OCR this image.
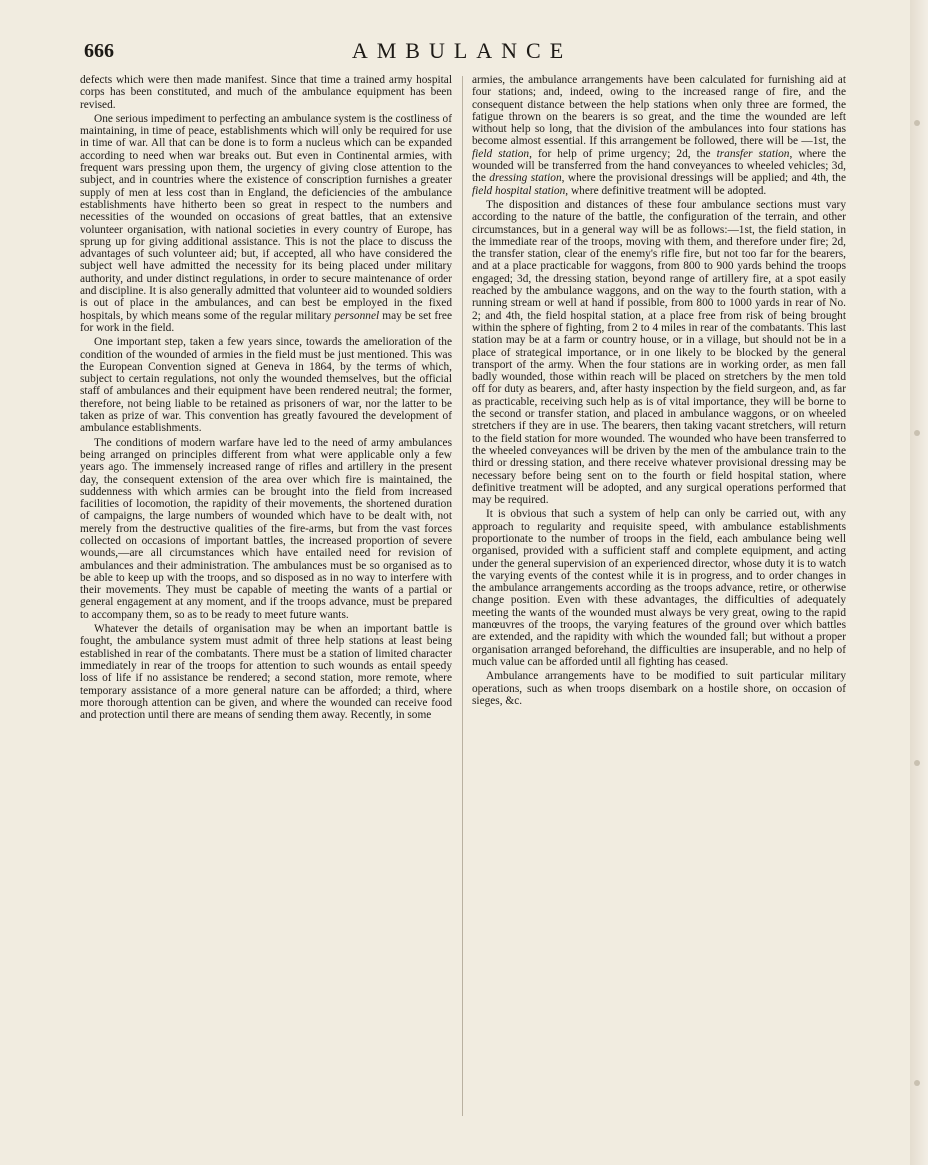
666	AMBULANCE

defects which were then made manifest. Since that time a trained army hospital corps has been constituted, and much of the ambulance equipment has been revised.

One serious impediment to perfecting an ambulance system is the costliness of maintaining, in time of peace, establishments which will only be required for use in time of war. All that can be done is to form a nucleus which can be expanded according to need when war breaks out. But even in Continental armies, with frequent wars pressing upon them, the urgency of giving close attention to the subject, and in countries where the existence of conscription furnishes a greater supply of men at less cost than in England, the deficiencies of the ambulance establishments have hitherto been so great in respect to the numbers and necessities of the wounded on occasions of great battles, that an extensive volunteer organisation, with national societies in every country of Europe, has sprung up for giving additional assistance. This is not the place to discuss the advantages of such volunteer aid; but, if accepted, all who have considered the subject well have admitted the necessity for its being placed under military authority, and under distinct regulations, in order to secure maintenance of order and discipline. It is also generally admitted that volunteer aid to wounded soldiers is out of place in the ambulances, and can best be employed in the fixed hospitals, by which means some of the regular military personnel may be set free for work in the field.

One important step, taken a few years since, towards the amelioration of the condition of the wounded of armies in the field must be just mentioned. This was the European Convention signed at Geneva in 1864, by the terms of which, subject to certain regulations, not only the wounded themselves, but the official staff of ambulances and their equipment have been rendered neutral; the former, therefore, not being liable to be retained as prisoners of war, nor the latter to be taken as prize of war. This convention has greatly favoured the development of ambulance establishments.

The conditions of modern warfare have led to the need of army ambulances being arranged on principles different from what were applicable only a few years ago. The immensely increased range of rifles and artillery in the present day, the consequent extension of the area over which fire is maintained, the suddenness with which armies can be brought into the field from increased facilities of locomotion, the rapidity of their movements, the shortened duration of campaigns, the large numbers of wounded which have to be dealt with, not merely from the destructive qualities of the fire-arms, but from the vast forces collected on occasions of important battles, the increased proportion of severe wounds,—are all circumstances which have entailed need for revision of ambulances and their administration. The ambulances must be so organised as to be able to keep up with the troops, and so disposed as in no way to interfere with their movements. They must be capable of meeting the wants of a partial or general engagement at any moment, and if the troops advance, must be prepared to accompany them, so as to be ready to meet future wants.

Whatever the details of organisation may be when an important battle is fought, the ambulance system must admit of three help stations at least being established in rear of the combatants. There must be a station of limited character immediately in rear of the troops for attention to such wounds as entail speedy loss of life if no assistance be rendered; a second station, more remote, where temporary assistance of a more general nature can be afforded; a third, where more thorough attention can be given, and where the wounded can receive food and protection until there are means of sending them away. Recently, in some

armies, the ambulance arrangements have been calculated for furnishing aid at four stations; and, indeed, owing to the increased range of fire, and the consequent distance between the help stations when only three are formed, the fatigue thrown on the bearers is so great, and the time the wounded are left without help so long, that the division of the ambulances into four stations has become almost essential. If this arrangement be followed, there will be —1st, the field station, for help of prime urgency; 2d, the transfer station, where the wounded will be transferred from the hand conveyances to wheeled vehicles; 3d, the dressing station, where the provisional dressings will be applied; and 4th, the field hospital station, where definitive treatment will be adopted.

The disposition and distances of these four ambulance sections must vary according to the nature of the battle, the configuration of the terrain, and other circumstances, but in a general way will be as follows:—1st, the field station, in the immediate rear of the troops, moving with them, and therefore under fire; 2d, the transfer station, clear of the enemy's rifle fire, but not too far for the bearers, and at a place practicable for waggons, from 800 to 900 yards behind the troops engaged; 3d, the dressing station, beyond range of artillery fire, at a spot easily reached by the ambulance waggons, and on the way to the fourth station, with a running stream or well at hand if possible, from 800 to 1000 yards in rear of No. 2; and 4th, the field hospital station, at a place free from risk of being brought within the sphere of fighting, from 2 to 4 miles in rear of the combatants. This last station may be at a farm or country house, or in a village, but should not be in a place of strategical importance, or in one likely to be blocked by the general transport of the army. When the four stations are in working order, as men fall badly wounded, those within reach will be placed on stretchers by the men told off for duty as bearers, and, after hasty inspection by the field surgeon, and, as far as practicable, receiving such help as is of vital importance, they will be borne to the second or transfer station, and placed in ambulance waggons, or on wheeled stretchers if they are in use. The bearers, then taking vacant stretchers, will return to the field station for more wounded. The wounded who have been transferred to the wheeled conveyances will be driven by the men of the ambulance train to the third or dressing station, and there receive whatever provisional dressing may be necessary before being sent on to the fourth or field hospital station, where definitive treatment will be adopted, and any surgical operations performed that may be required.

It is obvious that such a system of help can only be carried out, with any approach to regularity and requisite speed, with ambulance establishments proportionate to the number of troops in the field, each ambulance being well organised, provided with a sufficient staff and complete equipment, and acting under the general supervision of an experienced director, whose duty it is to watch the varying events of the contest while it is in progress, and to order changes in the ambulance arrangements according as the troops advance, retire, or otherwise change position. Even with these advantages, the difficulties of adequately meeting the wants of the wounded must always be very great, owing to the rapid manœuvres of the troops, the varying features of the ground over which battles are extended, and the rapidity with which the wounded fall; but without a proper organisation arranged beforehand, the difficulties are insuperable, and no help of much value can be afforded until all fighting has ceased.

Ambulance arrangements have to be modified to suit particular military operations, such as when troops disembark on a hostile shore, on occasion of sieges, &c.
